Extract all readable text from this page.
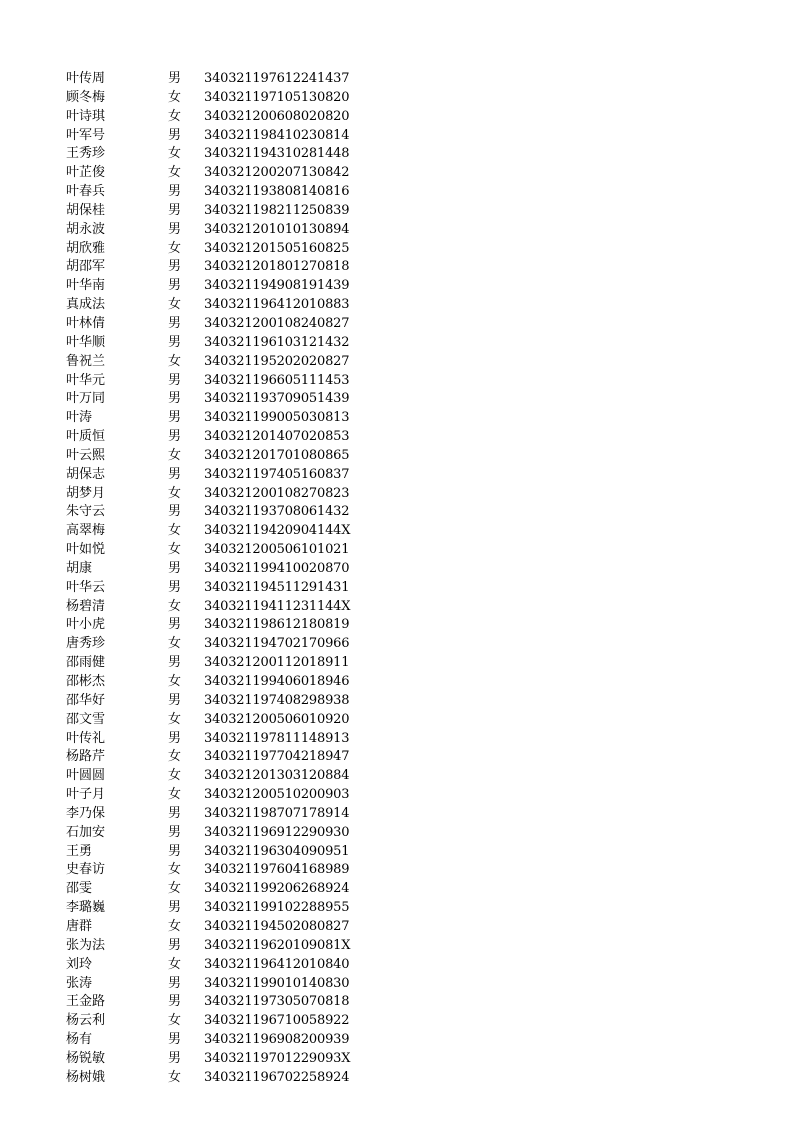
叶传周	男 340321197612241437
顾冬梅	女 340321197105130820
叶诗琪	女 340321200608020820
叶军号	男 340321198410230814
王秀珍	女 340321194310281448
叶芷俊	女 340321200207130842
叶春兵	男 340321193808140816
胡保桂	男 340321198211250839
胡永波	男 340321201010130894
胡欣雅	女 340321201505160825
胡邵军	男 340321201801270818
叶华南	男 340321194908191439
真成法	女 340321196412010883
叶林倩	男 340321200108240827
叶华顺	男 340321196103121432
鲁祝兰	女 340321195202020827
叶华元	男 340321196605111453
叶万同	男 340321193709051439
叶涛	男 340321199005030813
叶质恒	男 340321201407020853
叶云熙	女 340321201701080865
胡保志	男 340321197405160837
胡梦月	女 340321200108270823
朱守云	男 340321193708061432
高翠梅	女 34032119420904144X
叶如悦	女 340321200506101021
胡康	男 340321199410020870
叶华云	男 340321194511291431
杨碧清	女 34032119411231144X
叶小虎	男 340321198612180819
唐秀珍	女 340321194702170966
邵雨健	男 340321200112018911
邵彬杰	女 340321199406018946
邵华好	男 340321197408298938
邵文雪	女 340321200506010920
叶传礼	男 340321197811148913
杨路芹	女 340321197704218947
叶圆圆	女 340321201303120884
叶子月	女 340321200510200903
李乃保	男 340321198707178914
石加安	男 340321196912290930
王勇	男 340321196304090951
史春访	女 340321197604168989
邵雯	女 340321199206268924
李璐巍	男 340321199102288955
唐群	女 340321194502080827
张为法	男 34032119620109081X
刘玲	女 340321196412010840
张涛	男 340321199010140830
王金路	男 340321197305070818
杨云利	女 340321196710058922
杨有	男 340321196908200939
杨锐敏	男 34032119701229093X
杨树娥	女 340321196702258924
